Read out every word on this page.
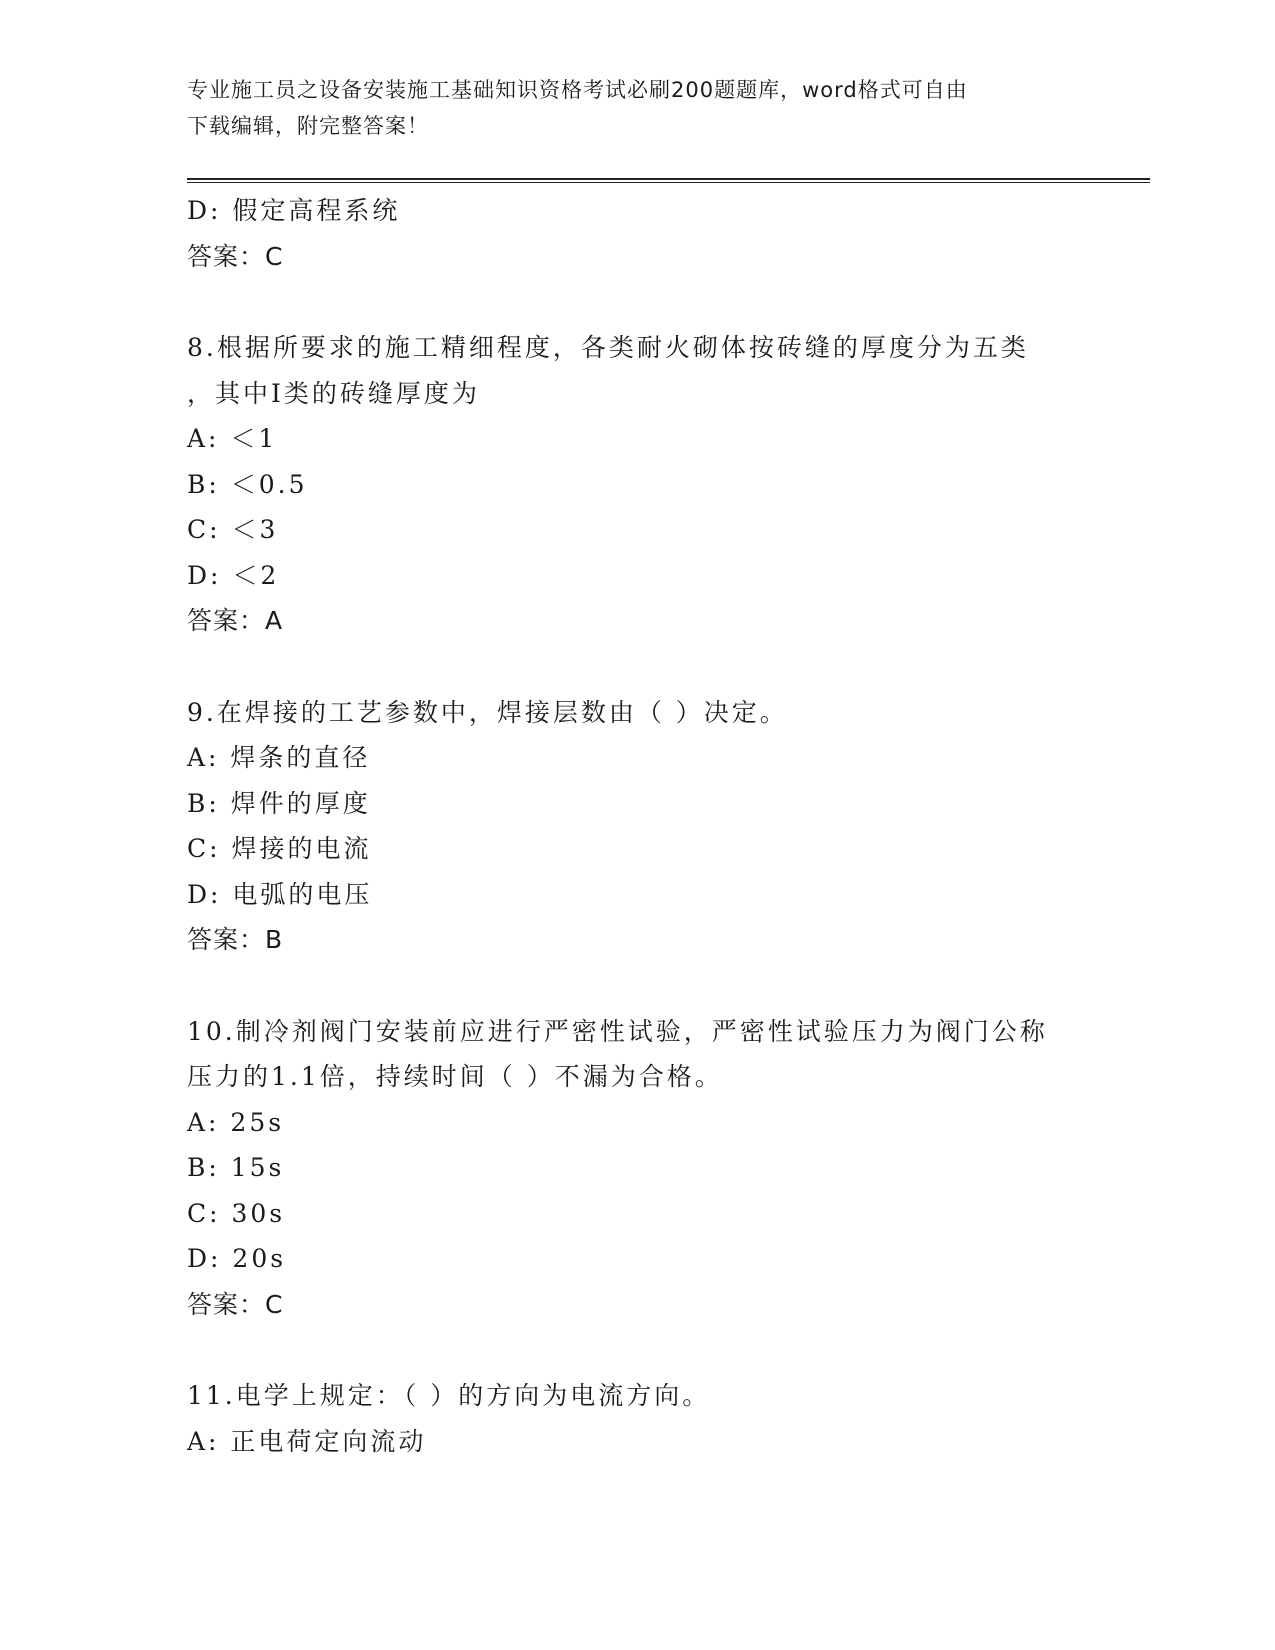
专业施工员之设备安装施工基础知识资格考试必刷200题题库，word格式可自由
下载编辑，附完整答案！
D: 假定高程系统
答案：C
8.根据所要求的施工精细程度，各类耐火砌体按砖缝的厚度分为五类
，其中Ⅰ类的砖缝厚度为
A: ＜1
B: ＜0.5
C: ＜3
D: ＜2
答案：A
9.在焊接的工艺参数中，焊接层数由（ ）决定。
A: 焊条的直径
B: 焊件的厚度
C: 焊接的电流
D: 电弧的电压
答案：B
10.制冷剂阀门安装前应进行严密性试验，严密性试验压力为阀门公称
压力的1.1倍，持续时间（ ）不漏为合格。
A: 25s
B: 15s
C: 30s
D: 20s
答案：C
11.电学上规定：（ ）的方向为电流方向。
A: 正电荷定向流动
